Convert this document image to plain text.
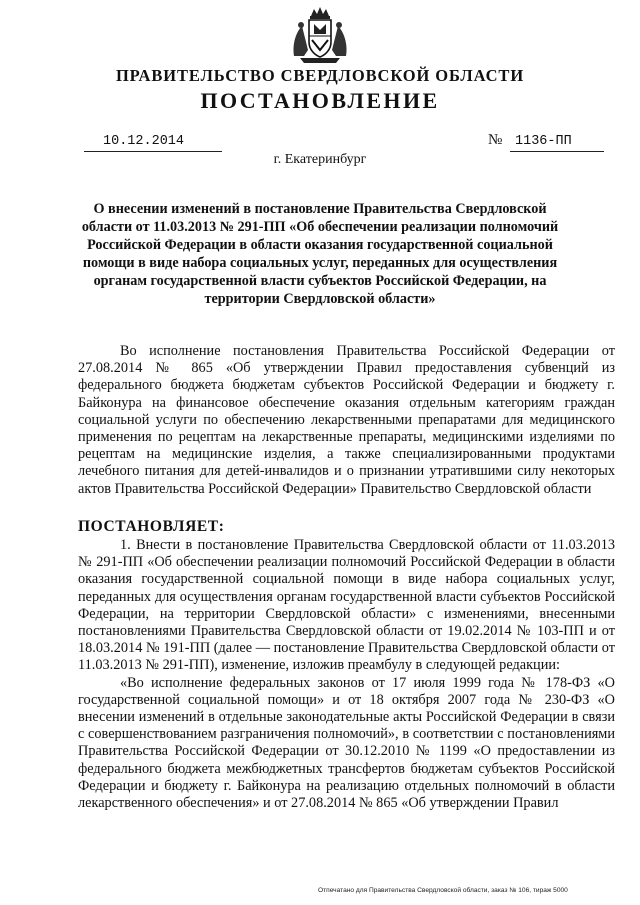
ПРАВИТЕЛЬСТВО СВЕРДЛОВСКОЙ ОБЛАСТИ
ПОСТАНОВЛЕНИЕ
10.12.2014	№ 1136-ПП
г. Екатеринбург
О внесении изменений в постановление Правительства Свердловской области от 11.03.2013 № 291-ПП «Об обеспечении реализации полномочий Российской Федерации в области оказания государственной социальной помощи в виде набора социальных услуг, переданных для осуществления органам государственной власти субъектов Российской Федерации, на территории Свердловской области»

Во исполнение постановления Правительства Российской Федерации от 27.08.2014 № 865 «Об утверждении Правил предоставления субвенций из федерального бюджета бюджетам субъектов Российской Федерации и бюджету г. Байконура на финансовое обеспечение оказания отдельным категориям граждан социальной услуги по обеспечению лекарственными препаратами для медицинского применения по рецептам на лекарственные препараты, медицинскими изделиями по рецептам на медицинские изделия, а также специализированными продуктами лечебного питания для детей-инвалидов и о признании утратившими силу некоторых актов Правительства Российской Федерации» Правительство Свердловской области

ПОСТАНОВЛЯЕТ:

1. Внести в постановление Правительства Свердловской области от 11.03.2013 № 291-ПП «Об обеспечении реализации полномочий Российской Федерации в области оказания государственной социальной помощи в виде набора социальных услуг, переданных для осуществления органам государственной власти субъектов Российской Федерации, на территории Свердловской области» с изменениями, внесенными постановлениями Правительства Свердловской области от 19.02.2014 № 103-ПП и от 18.03.2014 № 191-ПП (далее — постановление Правительства Свердловской области от 11.03.2013 № 291-ПП), изменение, изложив преамбулу в следующей редакции:

«Во исполнение федеральных законов от 17 июля 1999 года № 178-ФЗ «О государственной социальной помощи» и от 18 октября 2007 года № 230-ФЗ «О внесении изменений в отдельные законодательные акты Российской Федерации в связи с совершенствованием разграничения полномочий», в соответствии с постановлениями Правительства Российской Федерации от 30.12.2010 № 1199 «О предоставлении из федерального бюджета межбюджетных трансфертов бюджетам субъектов Российской Федерации и бюджету г. Байконура на реализацию отдельных полномочий в области лекарственного обеспечения» и от 27.08.2014 № 865 «Об утверждении Правил

Отпечатано для Правительства Свердловской области, заказ № 106, тираж 5000
